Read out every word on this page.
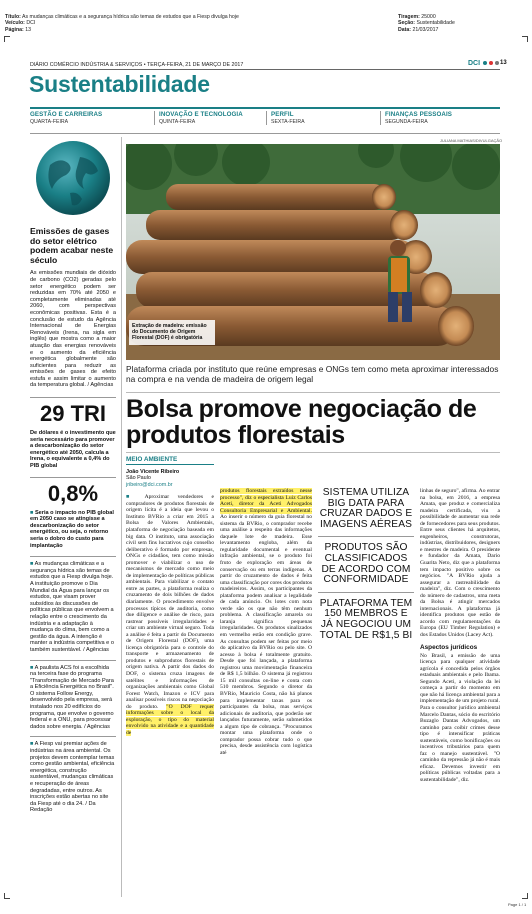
Título: As mudanças climáticas e a segurança hídrica são temas de estudos que a Fiesp divulga hoje
Veículo: DCI
Página: 13
Tiragem: 25000
Seção: Sustentabilidade
Data: 21/03/2017
DIÁRIO COMÉRCIO INDÚSTRIA & SERVIÇOS • TERÇA-FEIRA, 21 DE MARÇO DE 2017	DCI	13
Sustentabilidade
GESTÃO E CARREIRAS
QUARTA-FEIRA
INOVAÇÃO E TECNOLOGIA
QUINTA-FEIRA
PERFIL
SEXTA-FEIRA
FINANÇAS PESSOAIS
SEGUNDA-FEIRA
Emissões de gases do setor elétrico podem acabar neste século

As emissões mundiais de dióxido de carbono (CO2) geradas pelo setor energético podem ser reduzidas em 70% até 2050 e completamente eliminadas até 2060, com perspectivas econômicas positivas. Esta é a conclusão de estudo da Agência Internacional de Energias Renováveis (Irena, na sigla em inglês) que mostra como a maior atuação das energias renováveis e o aumento da eficiência energética globalmente são suficientes para reduzir as emissões de gases de efeito estufa e assim limitar o aumento da temperatura global. / Agências

29 TRI

De dólares é o investimento que seria necessário para promover a descarbonização do setor energético até 2050, calcula a Irena, o equivalente a 0,4% do PIB global

0,8%

■ Seria o impacto no PIB global em 2050 caso se atingisse a descarbonização do setor energético, ou seja, o retorno seria o dobro do custo para implantação

■ As mudanças climáticas e a segurança hídrica são temas de estudos que a Fiesp divulga hoje. A instituição promove o Dia Mundial da Água para lançar os estudos, que visam prover subsídios às discussões de políticas públicas que envolvem a relação entre o crescimento da indústria e a adaptação à mudança do clima, bem como a gestão da água. A intenção é manter a indústria competitiva e o também sustentável. / Agências

■ A paulista ACS foi a escolhida na terceira fase do programa "Transformação de Mercado Para a Eficiência Energética no Brasil". O sistema Follow Energy, desenvolvido pela empresa, será instalado nos 20 edifícios do programa, que envolve o governo federal e a ONU, para processar dados sobre energia. / Agências

■ A Fiesp vai premiar ações de indústrias na área ambiental. Os projetos devem contemplar temas como gestão ambiental, eficiência energética, construção sustentável, mudanças climáticas e recuperação de áreas degradadas, entre outros. As inscrições estão abertas no site da Fiesp até o dia 24. / Da Redação

JULIANA MATHIAS/DIVULGAÇÃO
Extração de madeira: emissão do Documento de Origem Florestal (DOF) é obrigatória
Plataforma criada por instituto que reúne empresas e ONGs tem como meta aproximar interessados na compra e na venda de madeira de origem legal
Bolsa promove negociação de produtos florestais
MEIO AMBIENTE
João Vicente Ribeiro
São Paulo
jribeiro@dci.com.br

■ Aproximar vendedores e compradores de produtos florestais de origem lícita é a ideia que levou o Instituto BVRio a criar em 2015 a Bolsa de Valores Ambientais, plataforma de negociação baseada em big data. O instituto, uma associação civil sem fins lucrativos cujo conselho deliberativo é formado por empresas, ONGs e cidadãos, tem como missão promover e viabilizar o uso de mecanismos de mercado como meio de implementação de políticas públicas ambientais. Para viabilizar o contato entre as partes, a plataforma realiza o cruzamento de dois bilhões de dados diariamente. O procedimento envolve processos típicos de auditoria, como due diligence e análise de risco, para rastrear possíveis irregularidades e criar um ambiente virtual seguro. Toda a análise é feita a partir do Documento de Origem Florestal (DOF), uma licença obrigatória para o controle do transporte e armazenamento de produtos e subprodutos florestais de origem nativa. A partir dos dados do DOF, o sistema cruza imagens de satélites e informações de organizações ambientais como Global Forest Watch, Imazon e ICV para analisar possíveis riscos na negociação do produto. "O DOF requer informações sobre o local da exploração, o tipo do material envolvido na atividade e a quantidade de

produtos florestais extraídos nesse processo", diz o especialista Luiz Carlos Aceti, diretor da Aceti Advogados Consultoria Empresarial e Ambiental. Ao inserir o número da guia florestal no sistema da BVRio, o comprador recebe uma análise a respeito das informações daquele lote de madeira. Esse levantamento engloba, além da regularidade documental e eventual infração ambiental, se o produto foi fruto de exploração em áreas de conservação ou em terras indígenas. A partir do cruzamento de dados é feita uma classificação por cores dos produtos madeireiros. Assim, os participantes da plataforma podem analisar a legalidade de cada anúncio. Os lotes com nota verde são os que não têm nenhum problema. A classificação amarela ou laranja significa pequenas irregularidades. Os produtos sinalizados em vermelho estão em condição grave. As consultas podem ser feitas por meio do aplicativo da BVRio ou pelo site. O acesso à bolsa é totalmente gratuito. Desde que foi lançada, a plataforma registrou uma movimentação financeira de R$ 1,5 bilhão. O sistema já registrou 15 mil consultas on-line e conta com 510 membros. Segundo o diretor da BVRio, Mauricio Costa, não há planos para implementar taxas para os participantes da bolsa, mas serviços adicionais de auditoria, que poderão ser lançados futuramente, serão submetidos a algum tipo de cobrança. "Procuramos montar uma plataforma onde o comprador possa cobrar tudo o que precisa, desde assistência com logística até

SISTEMA UTILIZA BIG DATA PARA CRUZAR DADOS E IMAGENS AÉREAS
PRODUTOS SÃO CLASSIFICADOS DE ACORDO COM CONFORMIDADE
PLATAFORMA TEM 150 MEMBROS E JÁ NEGOCIOU UM TOTAL DE R$1,5 BI

linhas de seguro", afirma. Ao entrar na bolsa, em 2016, a empresa Amata, que produz e comercializa madeira certificada, viu a possibilidade de aumentar sua rede de fornecedores para seus produtos. Entre seus clientes há arquitetos, engenheiros, construtoras, indústrias, distribuidores, designers e mestres de madeira. O presidente e fundador da Amata, Dario Guarita Neto, diz que a plataforma tem impacto positivo sobre os negócios. "A BVRio ajuda a assegurar a rastreabilidade da madeira", diz. Com o crescimento do número de cadastros, uma meta da Bolsa é atingir mercados internacionais. A plataforma já identifica produtos que estão de acordo com regulamentações da Europa (EU Timber Regulation) e dos Estados Unidos (Lacey Act).

Aspectos jurídicos

No Brasil, a emissão de uma licença para qualquer atividade agrícola é concedida pelos órgãos estaduais ambientais e pelo Ibama. Segundo Aceti, a violação da lei começa a partir do momento em que não há licença ambiental para a implementação de um projeto rural. Para o consultor jurídico ambiental Marcelo Dantas, sócio do escritório Buzaglo Dantas Advogados, um caminho para coibir crimes desse tipo é intensificar práticas sustentáveis, como bonificações ou incentivos tributários para quem faz o manejo sustentável. "O caminho da repressão já não é mais eficaz. Devemos investir em políticas públicas voltadas para a sustentabilidade", diz.

Page 1 / 1
